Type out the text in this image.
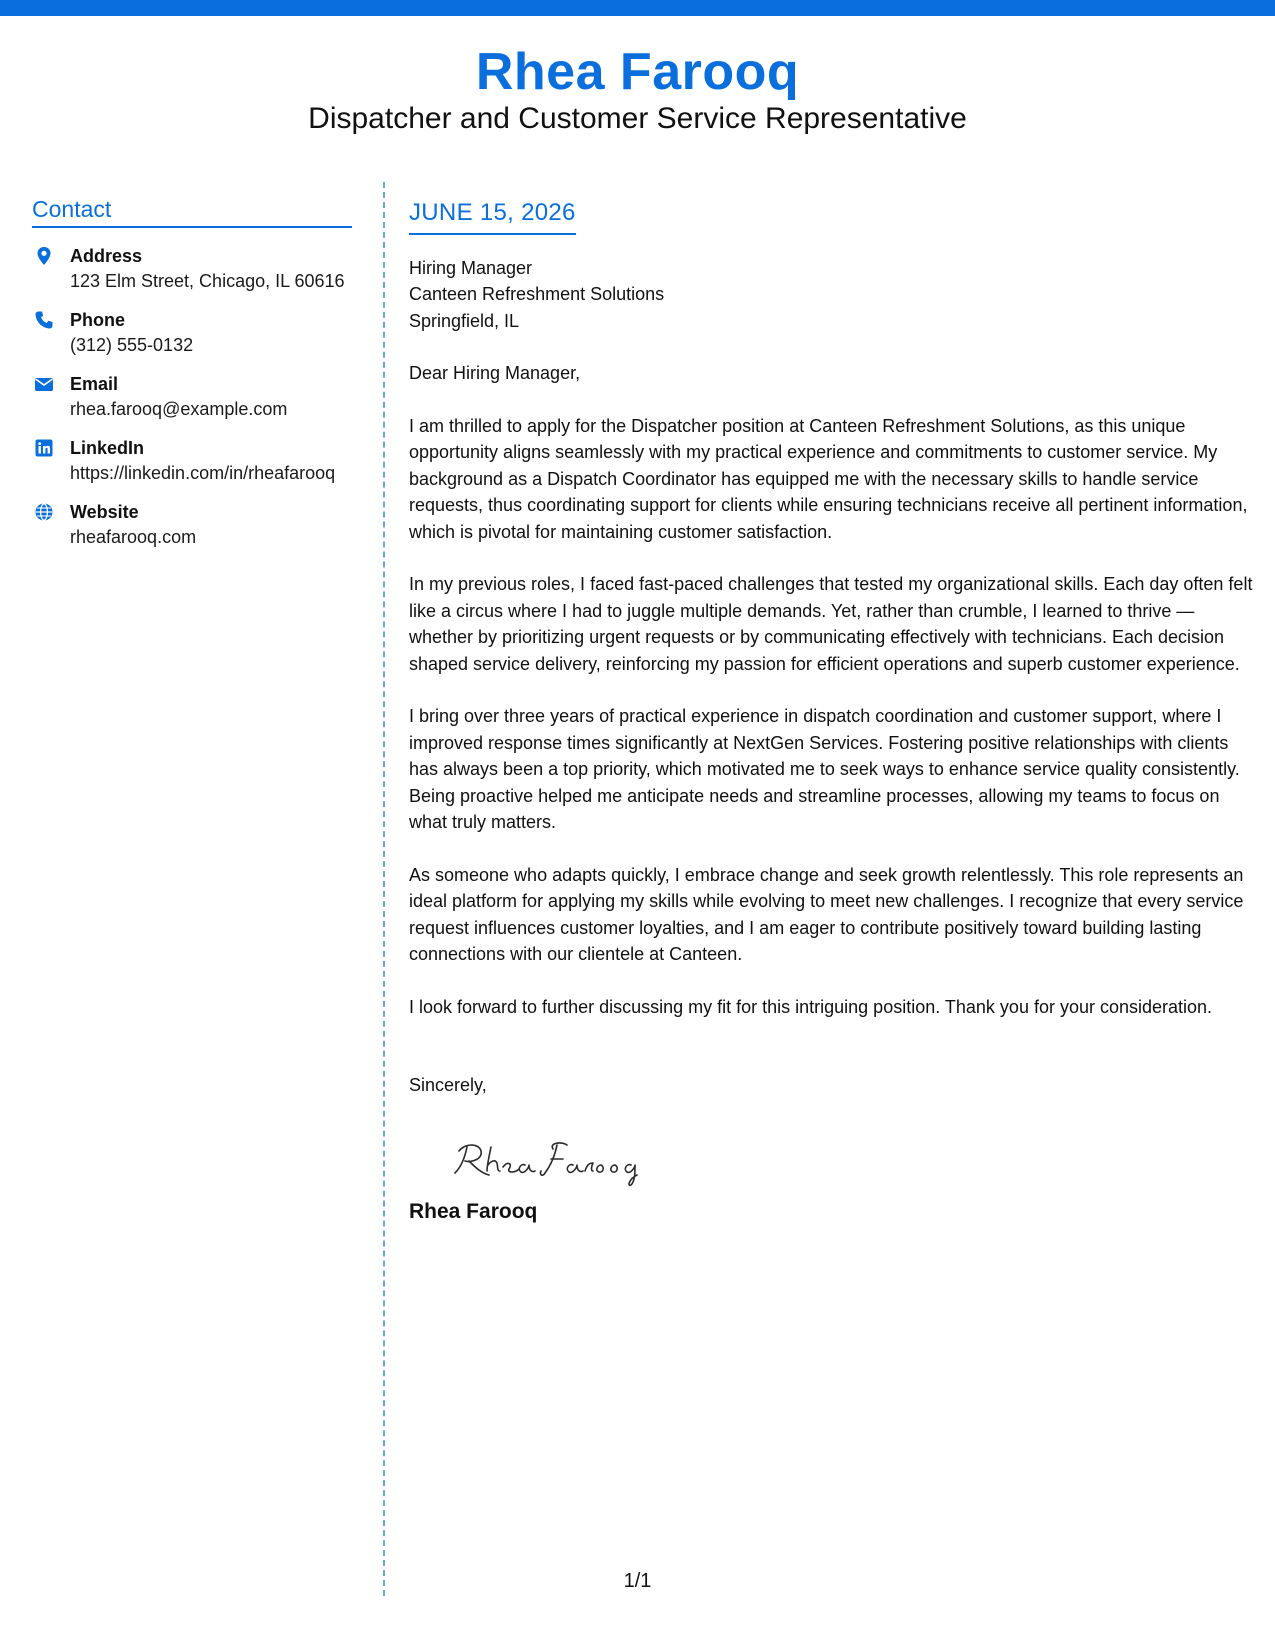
Rhea Farooq
Dispatcher and Customer Service Representative
Contact
Address
123 Elm Street, Chicago, IL 60616
Phone
(312) 555-0132
Email
rhea.farooq@example.com
LinkedIn
https://linkedin.com/in/rheafarooq
Website
rheafarooq.com
JUNE 15, 2026
Hiring Manager
Canteen Refreshment Solutions
Springfield, IL
Dear Hiring Manager,

I am thrilled to apply for the Dispatcher position at Canteen Refreshment Solutions, as this unique opportunity aligns seamlessly with my practical experience and commitments to customer service. My background as a Dispatch Coordinator has equipped me with the necessary skills to handle service requests, thus coordinating support for clients while ensuring technicians receive all pertinent information, which is pivotal for maintaining customer satisfaction.

In my previous roles, I faced fast-paced challenges that tested my organizational skills. Each day often felt like a circus where I had to juggle multiple demands. Yet, rather than crumble, I learned to thrive — whether by prioritizing urgent requests or by communicating effectively with technicians. Each decision shaped service delivery, reinforcing my passion for efficient operations and superb customer experience.

I bring over three years of practical experience in dispatch coordination and customer support, where I improved response times significantly at NextGen Services. Fostering positive relationships with clients has always been a top priority, which motivated me to seek ways to enhance service quality consistently. Being proactive helped me anticipate needs and streamline processes, allowing my teams to focus on what truly matters.

As someone who adapts quickly, I embrace change and seek growth relentlessly. This role represents an ideal platform for applying my skills while evolving to meet new challenges. I recognize that every service request influences customer loyalties, and I am eager to contribute positively toward building lasting connections with our clientele at Canteen.

I look forward to further discussing my fit for this intriguing position. Thank you for your consideration.

Sincerely,
Rhea Farooq
1/1
